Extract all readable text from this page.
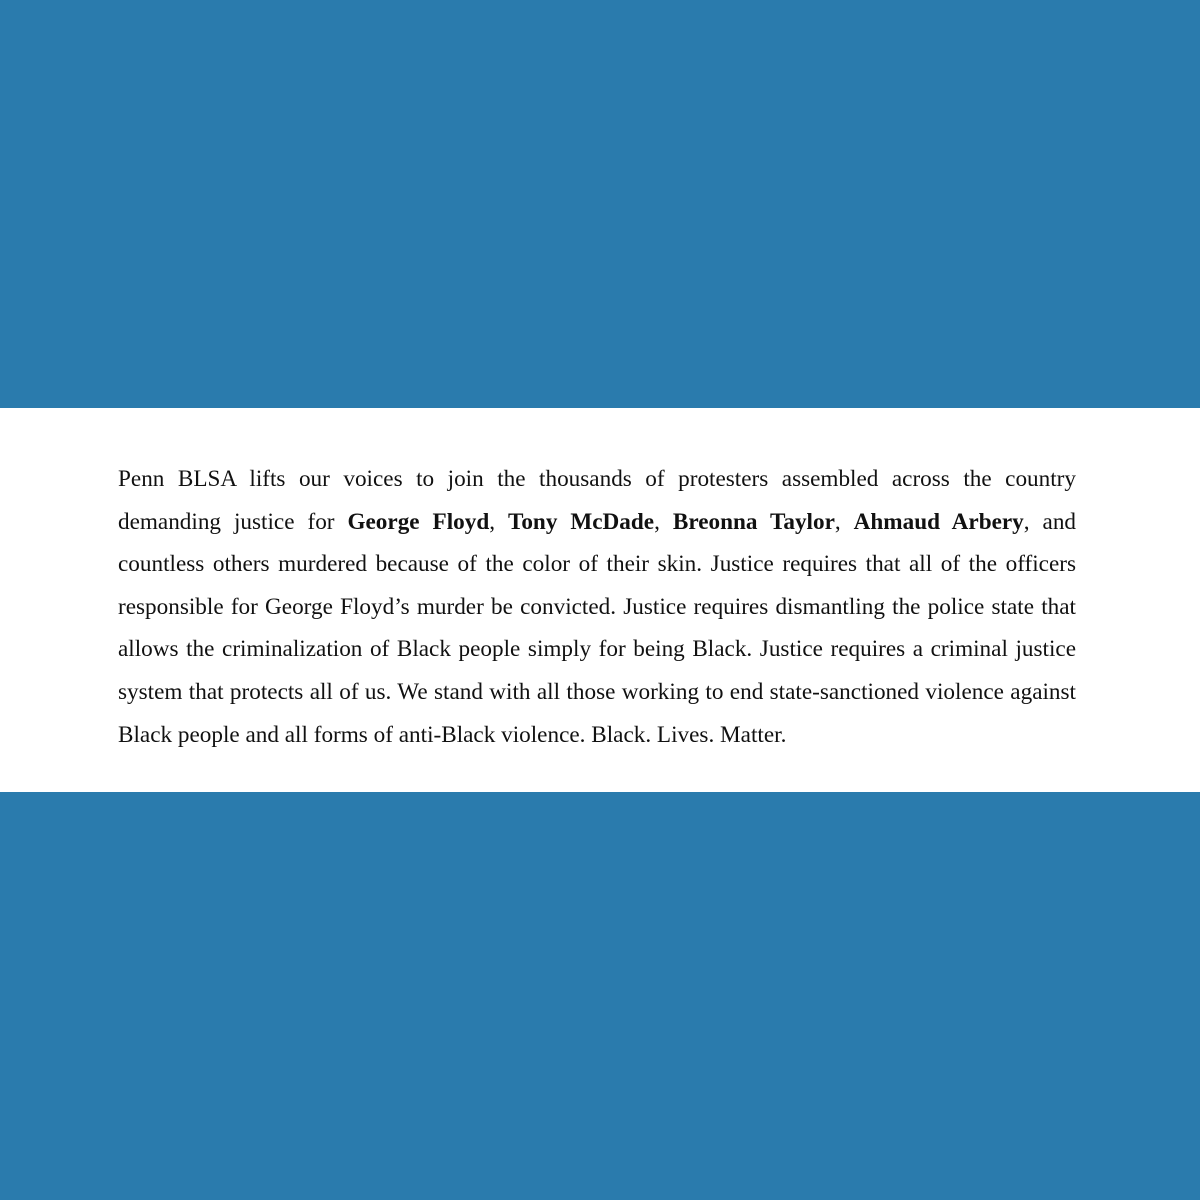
Penn BLSA lifts our voices to join the thousands of protesters assembled across the country demanding justice for George Floyd, Tony McDade, Breonna Taylor, Ahmaud Arbery, and countless others murdered because of the color of their skin. Justice requires that all of the officers responsible for George Floyd’s murder be convicted. Justice requires dismantling the police state that allows the criminalization of Black people simply for being Black. Justice requires a criminal justice system that protects all of us. We stand with all those working to end state-sanctioned violence against Black people and all forms of anti-Black violence. Black. Lives. Matter.
